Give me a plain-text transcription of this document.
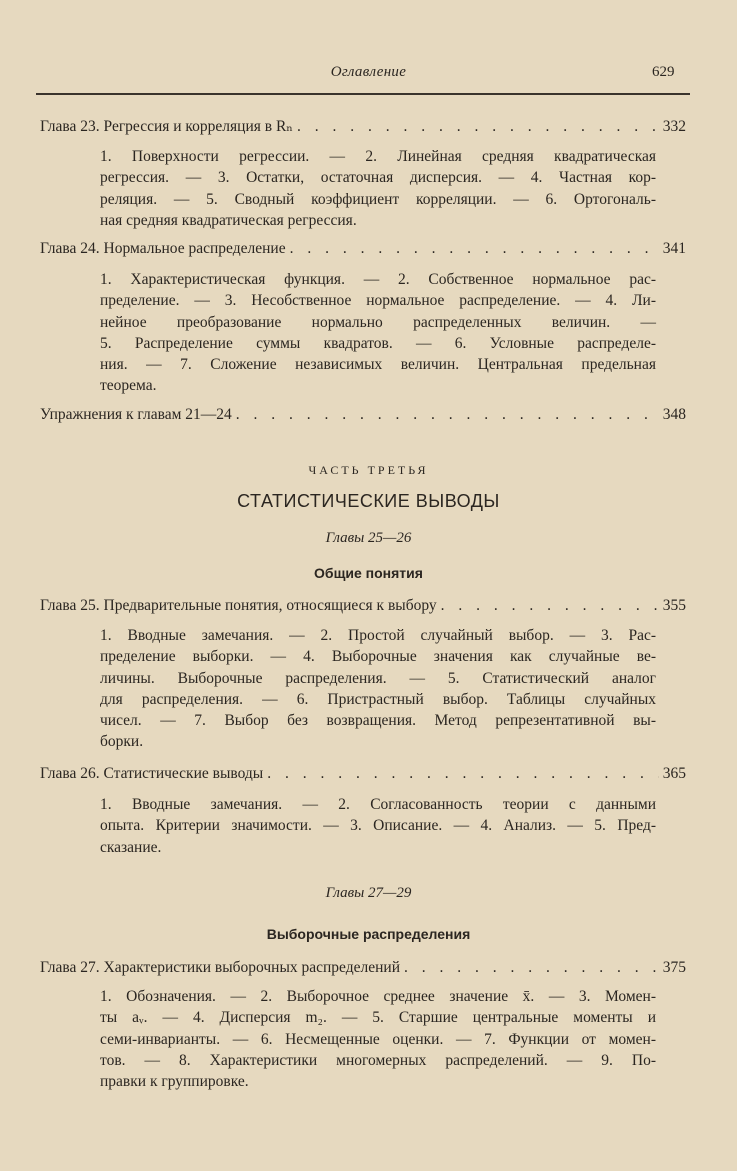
Оглавление	629
Глава 23. Регрессия и корреляция в Rₙ . . .	332
1. Поверхности регрессии. — 2. Линейная средняя квадратическая
регрессия. — 3. Остатки, остаточная дисперсия. — 4. Частная кор-
реляция. — 5. Сводный коэффициент корреляции. — 6. Ортогональ-
ная средняя квадратическая регрессия.
Глава 24. Нормальное распределение . . .	341
1. Характеристическая функция. — 2. Собственное нормальное рас-
пределение. — 3. Несобственное нормальное распределение. — 4. Ли-
нейное преобразование нормально распределенных величин. —
5. Распределение суммы квадратов. — 6. Условные распределе-
ния. — 7. Сложение независимых величин. Центральная предельная
теорема.
Упражнения к главам 21—24 . . .	348
ЧАСТЬ ТРЕТЬЯ
СТАТИСТИЧЕСКИЕ ВЫВОДЫ
Главы 25—26
Общие понятия
Глава 25. Предварительные понятия, относящиеся к выбору . . .	355
1. Вводные замечания. — 2. Простой случайный выбор. — 3. Рас-
пределение выборки. — 4. Выборочные значения как случайные ве-
личины. Выборочные распределения. — 5. Статистический аналог
для распределения. — 6. Пристрастный выбор. Таблицы случайных
чисел. — 7. Выбор без возвращения. Метод репрезентативной вы-
борки.
Глава 26. Статистические выводы . . .	365
1. Вводные замечания. — 2. Согласованность теории с данными
опыта. Критерии значимости. — 3. Описание. — 4. Анализ. — 5. Пред-
сказание.
Главы 27—29
Выборочные распределения
Глава 27. Характеристики выборочных распределений . . .	375
1. Обозначения. — 2. Выборочное среднее значение x̄. — 3. Момен-
ты aᵥ. — 4. Дисперсия m₂. — 5. Старшие центральные моменты и
семи-инварианты. — 6. Несмещенные оценки. — 7. Функции от момен-
тов. — 8. Характеристики многомерных распределений. — 9. По-
правки к группировке.
